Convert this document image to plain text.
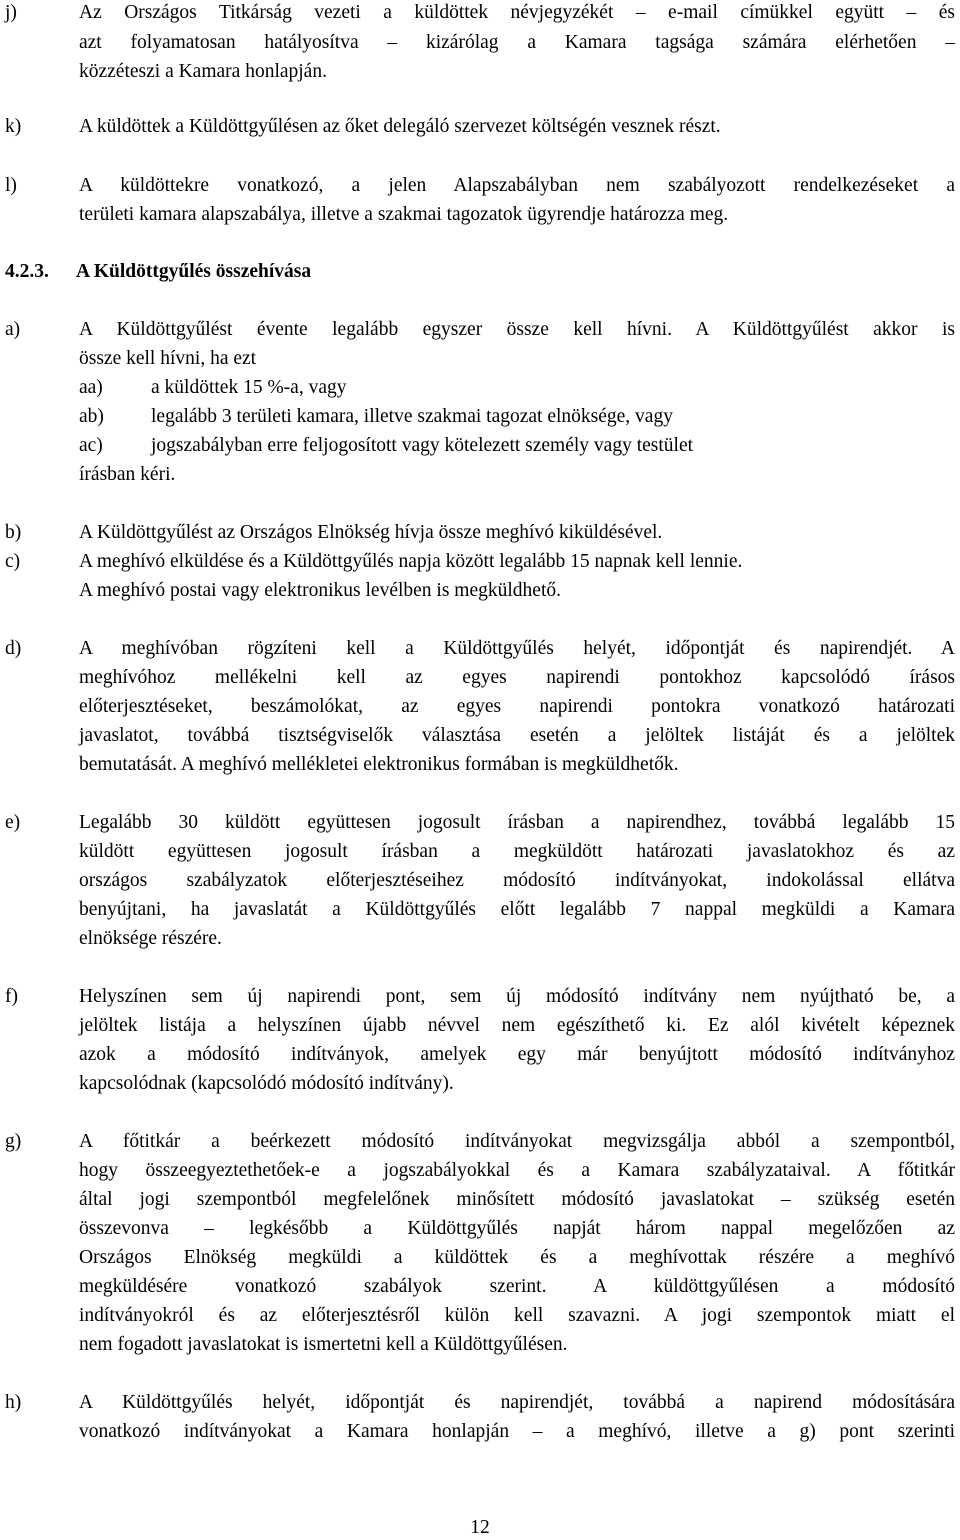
j)	Az Országos Titkárság vezeti a küldöttek névjegyzékét – e-mail címükkel együtt – és
azt folyamatosan hatályosítva – kizárólag a Kamara tagsága számára elérhetően –
közzéteszi a Kamara honlapján.
k)	A küldöttek a Küldöttgyűlésen az őket delegáló szervezet költségén vesznek részt.
l)	A küldöttekre vonatkozó, a jelen Alapszabályban nem szabályozott rendelkezéseket a
területi kamara alapszabálya, illetve a szakmai tagozatok ügyrendje határozza meg.
4.2.3. A Küldöttgyűlés összehívása
a)	A Küldöttgyűlést évente legalább egyszer össze kell hívni. A Küldöttgyűlést akkor is
össze kell hívni, ha ezt
aa) a küldöttek 15 %-a, vagy
ab) legalább 3 területi kamara, illetve szakmai tagozat elnöksége, vagy
ac) jogszabályban erre feljogosított vagy kötelezett személy vagy testület
írásban kéri.
b)	A Küldöttgyűlést az Országos Elnökség hívja össze meghívó kiküldésével.
c)	A meghívó elküldése és a Küldöttgyűlés napja között legalább 15 napnak kell lennie.
A meghívó postai vagy elektronikus levélben is megküldhető.
d)	A meghívóban rögzíteni kell a Küldöttgyűlés helyét, időpontját és napirendjét. A
meghívóhoz mellékelni kell az egyes napirendi pontokhoz kapcsolódó írásos
előterjesztéseket, beszámolókat, az egyes napirendi pontokra vonatkozó határozati
javaslatot, továbbá tisztségviselők választása esetén a jelöltek listáját és a jelöltek
bemutatását. A meghívó mellékletei elektronikus formában is megküldhetők.
e)	Legalább 30 küldött együttesen jogosult írásban a napirendhez, továbbá legalább 15
küldött együttesen jogosult írásban a megküldött határozati javaslatokhoz és az
országos szabályzatok előterjesztéseihez módosító indítványokat, indokolással ellátva
benyújtani, ha javaslatát a Küldöttgyűlés előtt legalább 7 nappal megküldi a Kamara
elnöksége részére.
f)	Helyszínen sem új napirendi pont, sem új módosító indítvány nem nyújtható be, a
jelöltek listája a helyszínen újabb névvel nem egészíthető ki. Ez alól kivételt képeznek
azok a módosító indítványok, amelyek egy már benyújtott módosító indítványhoz
kapcsolódnak (kapcsolódó módosító indítvány).
g)	A főtitkár a beérkezett módosító indítványokat megvizsgálja abból a szempontból,
hogy összeegyeztethetőek-e a jogszabályokkal és a Kamara szabályzataival. A főtitkár
által jogi szempontból megfelelőnek minősített módosító javaslatokat – szükség esetén
összevonva – legkésőbb a Küldöttgyűlés napját három nappal megelőzően az
Országos Elnökség megküldi a küldöttek és a meghívottak részére a meghívó
megküldésére vonatkozó szabályok szerint. A küldöttgyűlésen a módosító
indítványokról és az előterjesztésről külön kell szavazni. A jogi szempontok miatt el
nem fogadott javaslatokat is ismertetni kell a Küldöttgyűlésen.
h)	A Küldöttgyűlés helyét, időpontját és napirendjét, továbbá a napirend módosítására
vonatkozó indítványokat a Kamara honlapján – a meghívó, illetve a g) pont szerinti
12
